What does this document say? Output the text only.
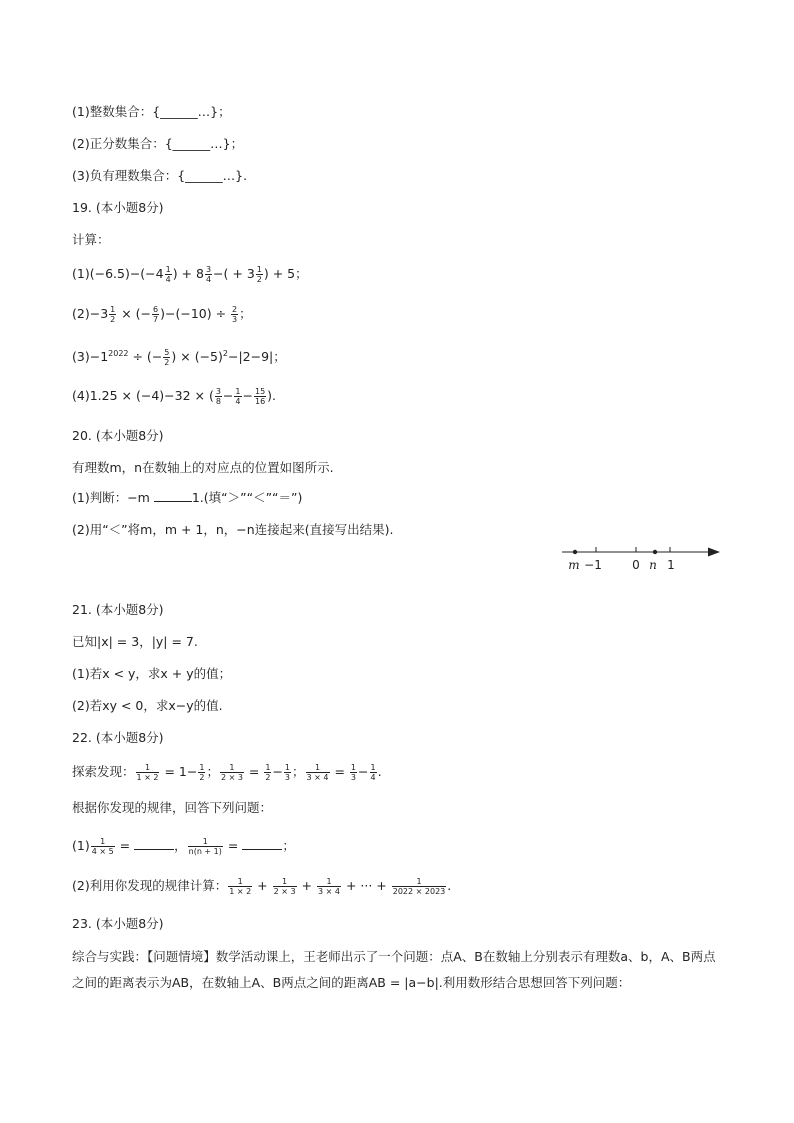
(1)整数集合：{______…}；
(2)正分数集合：{______…}；
(3)负有理数集合：{______…}.
19. (本小题8分)
计算：
$(1)(-6.5)-(-4 \frac{1}{4}$ ) + $8 \frac{3}{4}$ −( + $3 \frac{1}{2}$ ) + 5；
$(2)-3 \frac{1}{2}$ × (− $\frac{6}{7} )-(-10) \div \frac{2}{3}$ ；
$(3)-1^{2022}$ ÷ (− $\frac{5}{2}$ ) × $(-5)^2-|2-9|$；
(4)1.25 × (−4)−32 × ( $\frac{3}{8} - \frac{1}{4} - \frac{15}{16}$ ).
20. (本小题8分)
有理数m，n在数轴上的对应点的位置如图所示.
(1)判断：−m	1.(填“＞”“＜”“＝”)
(2)用“＜”将m，m + 1，n，−n连接起来(直接写出结果).
m −1	0 n 1
21. (本小题8分)
已知|x| = 3，|y| = 7.
(1)若x < y，求x + y的值；
(2)若xy < 0，求x−y的值.
22. (本小题8分)
探索发现： $\frac{1}{1 \times 2} = 1- \frac{1}{2}$ ； $\frac{1}{2 \times 3} = \frac{1}{2} - \frac{1}{3}$ ； $\frac{1}{3 \times 4} = \frac{1}{3} - \frac{1}{4}$ .
根据你发现的规律，回答下列问题：
$(1) \frac{1}{4 \times 5}$ =	， $\frac{1}{n(n + 1)}$ =	；
(2)利用你发现的规律计算： $\frac{1}{1 \times 2} + \frac{1}{2 \times 3} + \frac{1}{3 \times 4}$ + ··· + $\frac{1}{2022 \times 2023}$ .
23. (本小题8分)
综合与实践：【问题情境】数学活动课上，王老师出示了一个问题：点A、B在数轴上分别表示有理数a、b，A、B两点之间的距离表示为AB，在数轴上A、B两点之间的距离AB = |a−b|.利用数形结合思想回答下列问题：
